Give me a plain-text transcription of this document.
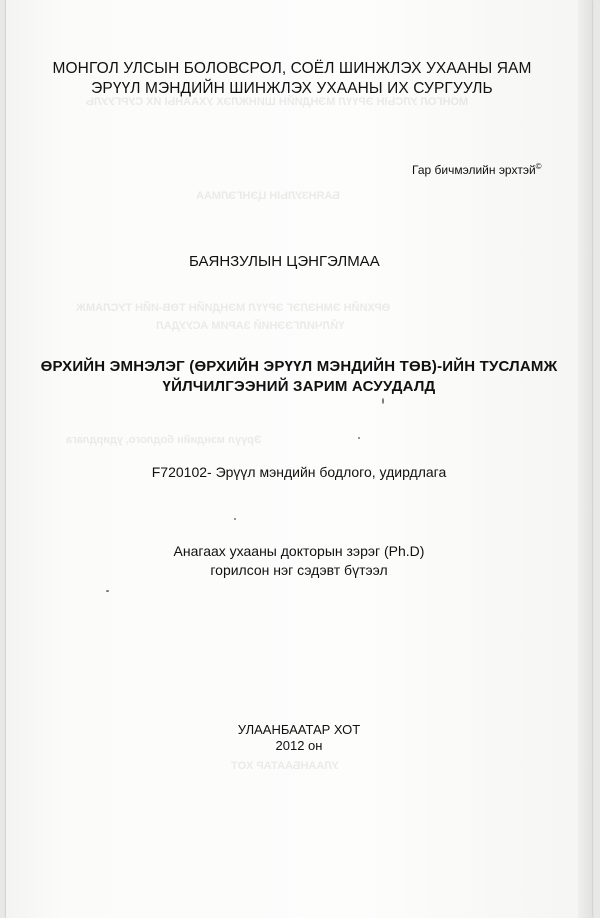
МОНГОЛ УЛСЫН ЭРҮҮЛ МЭНДИЙН ШИНЖЛЭХ УХААНЫ ИХ СУРГУУЛЬ
БАЯНЗУЛЫН ЦЭНГЭЛМАА
ӨРХИЙН ЭМНЭЛЭГ ЭРҮҮЛ МЭНДИЙН ТӨВ-ИЙН ТУСЛАМЖ
ҮЙЛЧИЛГЭЭНИЙ ЗАРИМ АСУУДАЛ
Эрүүл мэндийн бодлого, удирдлага
УЛААНБААТАР ХОТ
МОНГОЛ УЛСЫН БОЛОВСРОЛ, СОЁЛ ШИНЖЛЭХ УХААНЫ ЯАМ
ЭРҮҮЛ МЭНДИЙН ШИНЖЛЭХ УХААНЫ ИХ СУРГУУЛЬ
Гар бичмэлийн эрхтэй©
БАЯНЗУЛЫН ЦЭНГЭЛМАА
ӨРХИЙН ЭМНЭЛЭГ (ӨРХИЙН ЭРҮҮЛ МЭНДИЙН ТӨВ)-ИЙН ТУСЛАМЖ
ҮЙЛЧИЛГЭЭНИЙ ЗАРИМ АСУУДАЛД
F720102- Эрүүл мэндийн бодлого, удирдлага
Анагаах ухааны докторын зэрэг (Ph.D)
горилсон нэг сэдэвт бүтээл
УЛААНБААТАР ХОТ
2012 он
